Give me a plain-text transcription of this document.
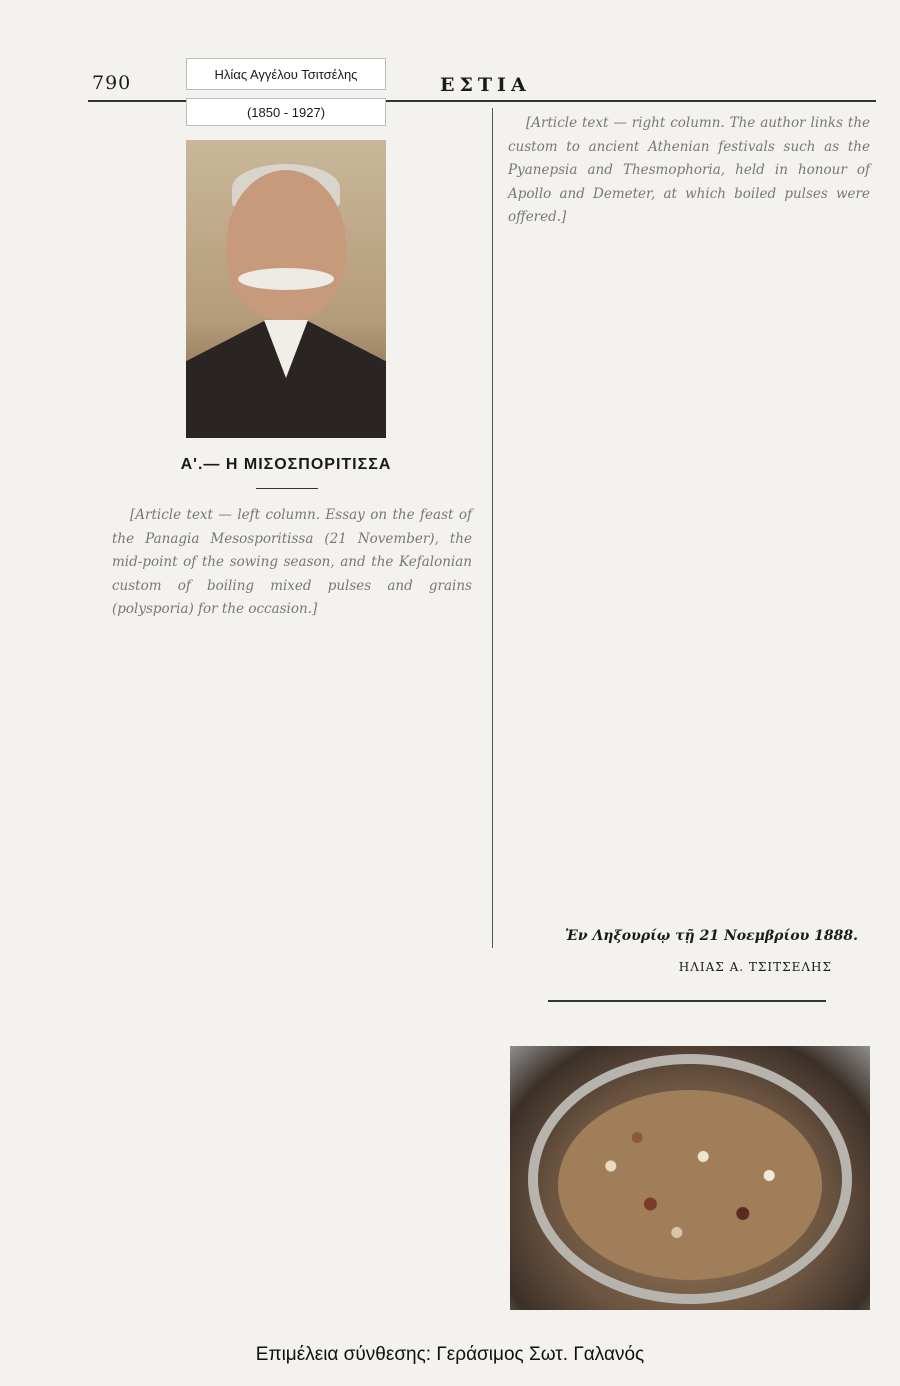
790	ΕΣΤΙΑ
Ηλίας Αγγέλου Τσιτσέλης
(1850 - 1927)
Α'.— Η ΜΙΣΟΣΠΟΡΙΤΙΣΣΑ

[Article text — left column. Essay on the feast of the Panagia Mesosporitissa (21 November), the mid-point of the sowing season, and the Kefalonian custom of boiling mixed pulses and grains (polysporia) for the occasion.]

[Article text — right column. The author links the custom to ancient Athenian festivals such as the Pyanepsia and Thesmophoria, held in honour of Apollo and Demeter, at which boiled pulses were offered.]

Ἐν Ληξουρίῳ τῇ 21 Νοεμβρίου 1888.
ΗΛΙΑΣ Α. ΤΣΙΤΣΕΛΗΣ
Επιμέλεια σύνθεσης: Γεράσιμος Σωτ. Γαλανός
